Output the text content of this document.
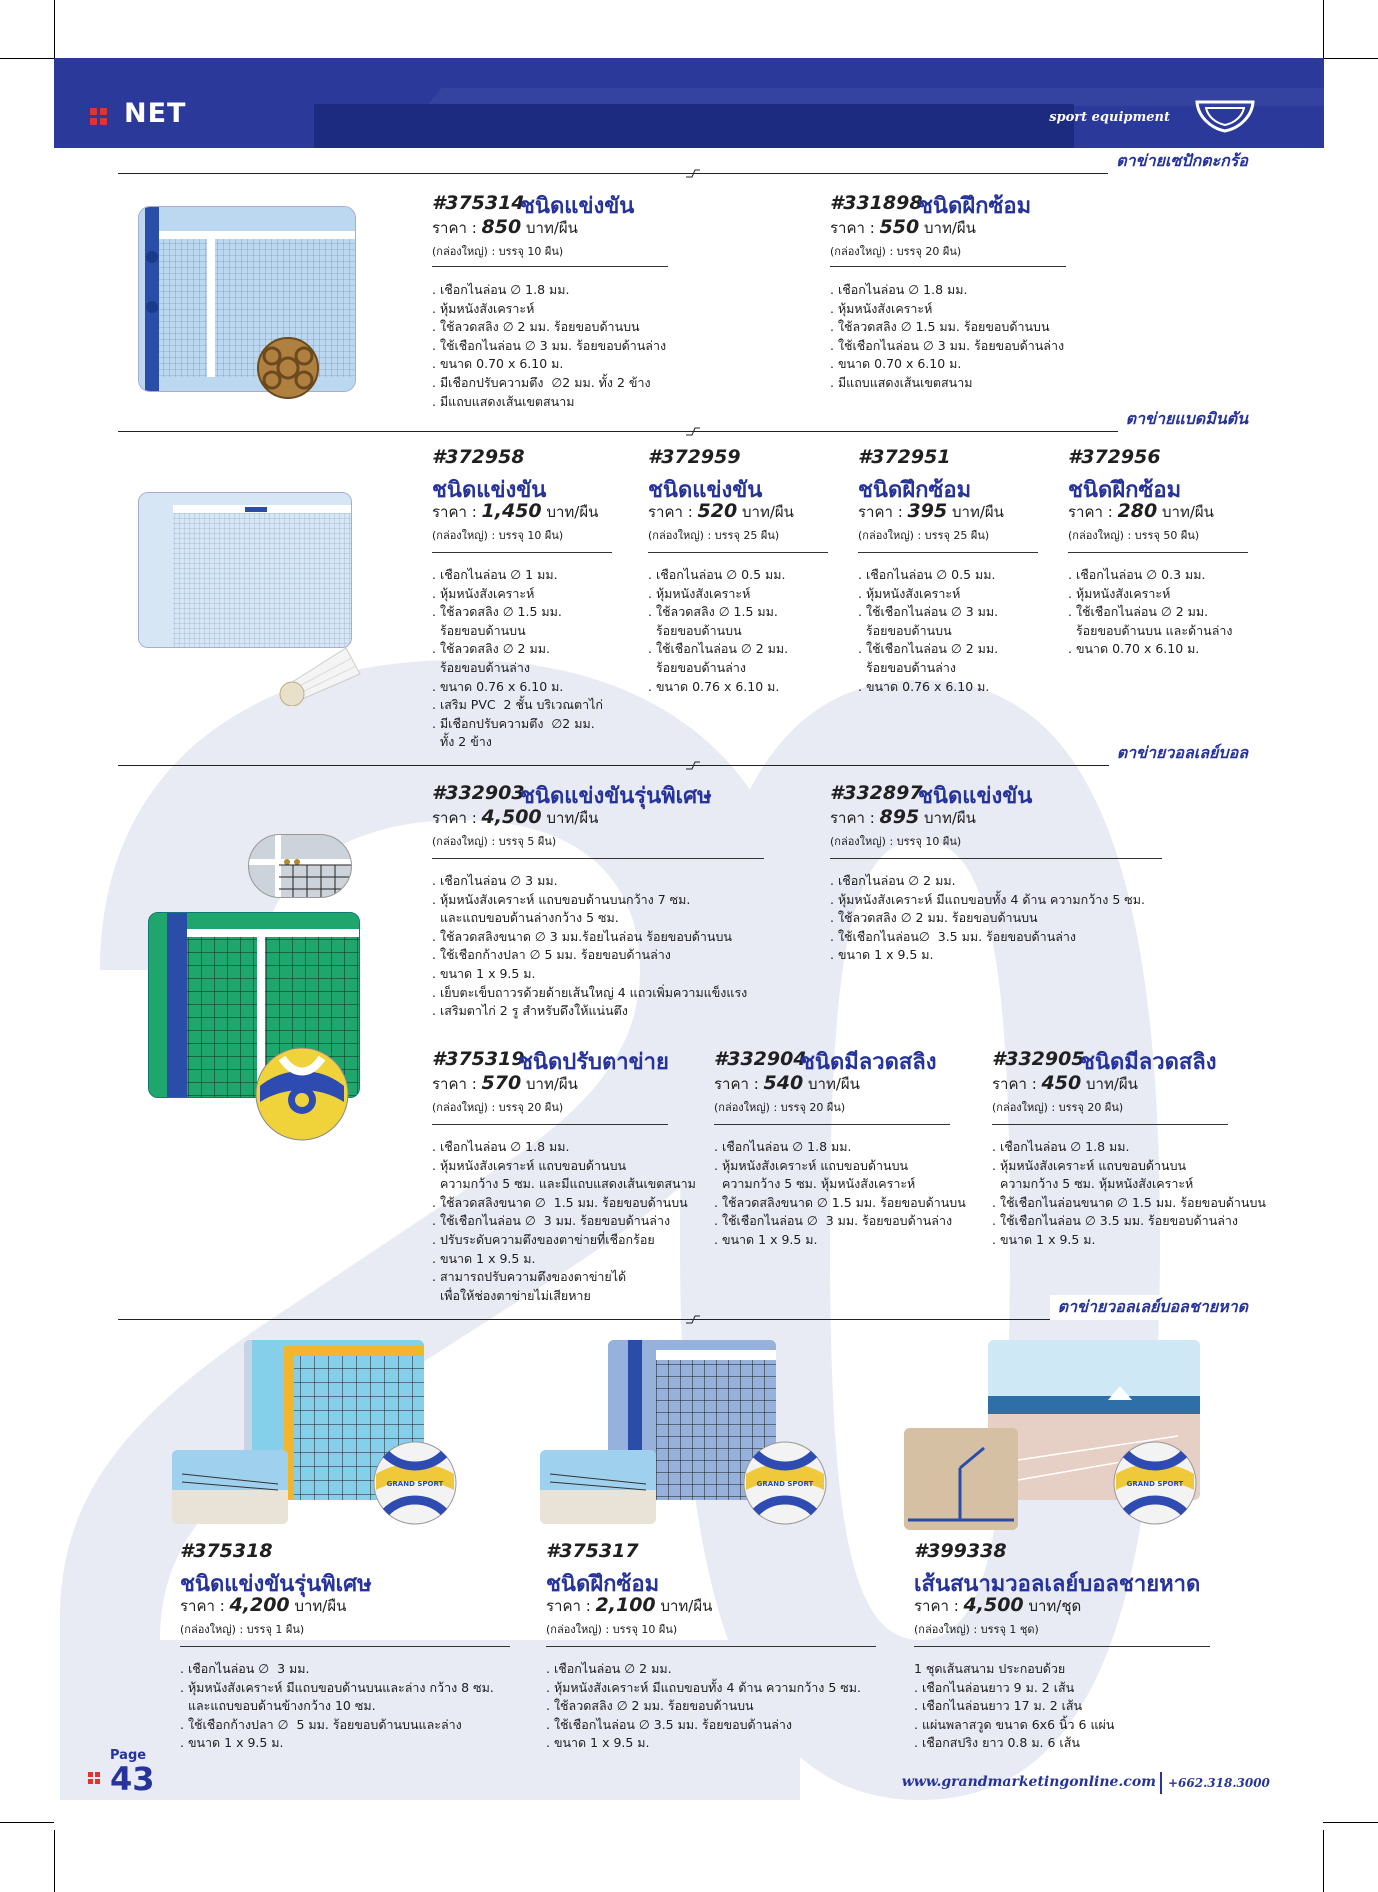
NET	sport equipment
ตาข่ายเซปักตะกร้อ
#375314
ชนิดแข่งขัน
ราคา : 850 บาท/ผืน
(กล่องใหญ่) : บรรจุ 10 ผืน)
. เชือกไนล่อน ∅ 1.8 มม.
. หุ้มหนังสังเคราะห์
. ใช้ลวดสลิง ∅ 2 มม. ร้อยขอบด้านบน
. ใช้เชือกไนล่อน ∅ 3 มม. ร้อยขอบด้านล่าง
. ขนาด 0.70 x 6.10 ม.
. มีเชือกปรับความตึง  ∅2 มม. ทั้ง 2 ข้าง
. มีแถบแสดงเส้นเขตสนาม
#331898
ชนิดฝึกซ้อม
ราคา : 550 บาท/ผืน
(กล่องใหญ่) : บรรจุ 20 ผืน)
. เชือกไนล่อน ∅ 1.8 มม.
. หุ้มหนังสังเคราะห์
. ใช้ลวดสลิง ∅ 1.5 มม. ร้อยขอบด้านบน
. ใช้เชือกไนล่อน ∅ 3 มม. ร้อยขอบด้านล่าง
. ขนาด 0.70 x 6.10 ม.
. มีแถบแสดงเส้นเขตสนาม
ตาข่ายแบดมินตัน
#372958
ชนิดแข่งขัน
ราคา : 1,450 บาท/ผืน
(กล่องใหญ่) : บรรจุ 10 ผืน)
. เชือกไนล่อน ∅ 1 มม.
. หุ้มหนังสังเคราะห์
. ใช้ลวดสลิง ∅ 1.5 มม.
ร้อยขอบด้านบน
. ใช้ลวดสลิง ∅ 2 มม.
ร้อยขอบด้านล่าง
. ขนาด 0.76 x 6.10 ม.
. เสริม PVC  2 ชั้น บริเวณตาไก่
. มีเชือกปรับความตึง  ∅2 มม.
ทั้ง 2 ข้าง
#372959
ชนิดแข่งขัน
ราคา : 520 บาท/ผืน
(กล่องใหญ่) : บรรจุ 25 ผืน)
. เชือกไนล่อน ∅ 0.5 มม.
. หุ้มหนังสังเคราะห์
. ใช้ลวดสลิง ∅ 1.5 มม.
ร้อยขอบด้านบน
. ใช้เชือกไนล่อน ∅ 2 มม.
ร้อยขอบด้านล่าง
. ขนาด 0.76 x 6.10 ม.
#372951
ชนิดฝึกซ้อม
ราคา : 395 บาท/ผืน
(กล่องใหญ่) : บรรจุ 25 ผืน)
. เชือกไนล่อน ∅ 0.5 มม.
. หุ้มหนังสังเคราะห์
. ใช้เชือกไนล่อน ∅ 3 มม.
ร้อยขอบด้านบน
. ใช้เชือกไนล่อน ∅ 2 มม.
ร้อยขอบด้านล่าง
. ขนาด 0.76 x 6.10 ม.
#372956
ชนิดฝึกซ้อม
ราคา : 280 บาท/ผืน
(กล่องใหญ่) : บรรจุ 50 ผืน)
. เชือกไนล่อน ∅ 0.3 มม.
. หุ้มหนังสังเคราะห์
. ใช้เชือกไนล่อน ∅ 2 มม.
ร้อยขอบด้านบน และด้านล่าง
. ขนาด 0.70 x 6.10 ม.
ตาข่ายวอลเลย์บอล
#332903
ชนิดแข่งขันรุ่นพิเศษ
ราคา : 4,500 บาท/ผืน
(กล่องใหญ่) : บรรจุ 5 ผืน)
. เชือกไนล่อน ∅ 3 มม.
. หุ้มหนังสังเคราะห์ แถบขอบด้านบนกว้าง 7 ซม.
และแถบขอบด้านล่างกว้าง 5 ซม.
. ใช้ลวดสลิงขนาด ∅ 3 มม.ร้อยไนล่อน ร้อยขอบด้านบน
. ใช้เชือกก้างปลา ∅ 5 มม. ร้อยขอบด้านล่าง
. ขนาด 1 x 9.5 ม.
. เย็บตะเข็บถาวรด้วยด้ายเส้นใหญ่ 4 แถวเพิ่มความแข็งแรง
. เสริมตาไก่ 2 รู สำหรับดึงให้แน่นตึง
#332897
ชนิดแข่งขัน
ราคา : 895 บาท/ผืน
(กล่องใหญ่) : บรรจุ 10 ผืน)
. เชือกไนล่อน ∅ 2 มม.
. หุ้มหนังสังเคราะห์ มีแถบขอบทั้ง 4 ด้าน ความกว้าง 5 ซม.
. ใช้ลวดสลิง ∅ 2 มม. ร้อยขอบด้านบน
. ใช้เชือกไนล่อน∅  3.5 มม. ร้อยขอบด้านล่าง
. ขนาด 1 x 9.5 ม.
#375319
ชนิดปรับตาข่าย
ราคา : 570 บาท/ผืน
(กล่องใหญ่) : บรรจุ 20 ผืน)
. เชือกไนล่อน ∅ 1.8 มม.
. หุ้มหนังสังเคราะห์ แถบขอบด้านบน
ความกว้าง 5 ซม. และมีแถบแสดงเส้นเขตสนาม
. ใช้ลวดสลิงขนาด ∅  1.5 มม. ร้อยขอบด้านบน
. ใช้เชือกไนล่อน ∅  3 มม. ร้อยขอบด้านล่าง
. ปรับระดับความตึงของตาข่ายที่เชือกร้อย
. ขนาด 1 x 9.5 ม.
. สามารถปรับความตึงของตาข่ายได้
เพื่อให้ช่องตาข่ายไม่เสียหาย
#332904
ชนิดมีลวดสลิง
ราคา : 540 บาท/ผืน
(กล่องใหญ่) : บรรจุ 20 ผืน)
. เชือกไนล่อน ∅ 1.8 มม.
. หุ้มหนังสังเคราะห์ แถบขอบด้านบน
ความกว้าง 5 ซม. หุ้มหนังสังเคราะห์
. ใช้ลวดสลิงขนาด ∅ 1.5 มม. ร้อยขอบด้านบน
. ใช้เชือกไนล่อน ∅  3 มม. ร้อยขอบด้านล่าง
. ขนาด 1 x 9.5 ม.
#332905
ชนิดมีลวดสลิง
ราคา : 450 บาท/ผืน
(กล่องใหญ่) : บรรจุ 20 ผืน)
. เชือกไนล่อน ∅ 1.8 มม.
. หุ้มหนังสังเคราะห์ แถบขอบด้านบน
ความกว้าง 5 ซม. หุ้มหนังสังเคราะห์
. ใช้เชือกไนล่อนขนาด ∅ 1.5 มม. ร้อยขอบด้านบน
. ใช้เชือกไนล่อน ∅ 3.5 มม. ร้อยขอบด้านล่าง
. ขนาด 1 x 9.5 ม.
ตาข่ายวอลเลย์บอลชายหาด
GRAND SPORT	GRAND SPORT	GRAND SPORT
#375318
ชนิดแข่งขันรุ่นพิเศษ
ราคา : 4,200 บาท/ผืน
(กล่องใหญ่) : บรรจุ 1 ผืน)
. เชือกไนล่อน ∅  3 มม.
. หุ้มหนังสังเคราะห์ มีแถบขอบด้านบนและล่าง กว้าง 8 ซม.
และแถบขอบด้านข้างกว้าง 10 ซม.
. ใช้เชือกก้างปลา ∅  5 มม. ร้อยขอบด้านบนและล่าง
. ขนาด 1 x 9.5 ม.
#375317
ชนิดฝึกซ้อม
ราคา : 2,100 บาท/ผืน
(กล่องใหญ่) : บรรจุ 10 ผืน)
. เชือกไนล่อน ∅ 2 มม.
. หุ้มหนังสังเคราะห์ มีแถบขอบทั้ง 4 ด้าน ความกว้าง 5 ซม.
. ใช้ลวดสลิง ∅ 2 มม. ร้อยขอบด้านบน
. ใช้เชือกไนล่อน ∅ 3.5 มม. ร้อยขอบด้านล่าง
. ขนาด 1 x 9.5 ม.
#399338
เส้นสนามวอลเลย์บอลชายหาด
ราคา : 4,500 บาท/ชุด
(กล่องใหญ่) : บรรจุ 1 ชุด)
1 ชุดเส้นสนาม ประกอบด้วย
. เชือกไนล่อนยาว 9 ม. 2 เส้น
. เชือกไนล่อนยาว 17 ม. 2 เส้น
. แผ่นพลาสวูด ขนาด 6x6 นิ้ว 6 แผ่น
. เชือกสปริง ยาว 0.8 ม. 6 เส้น
Page
43	www.grandmarketingonline.com +662.318.3000
